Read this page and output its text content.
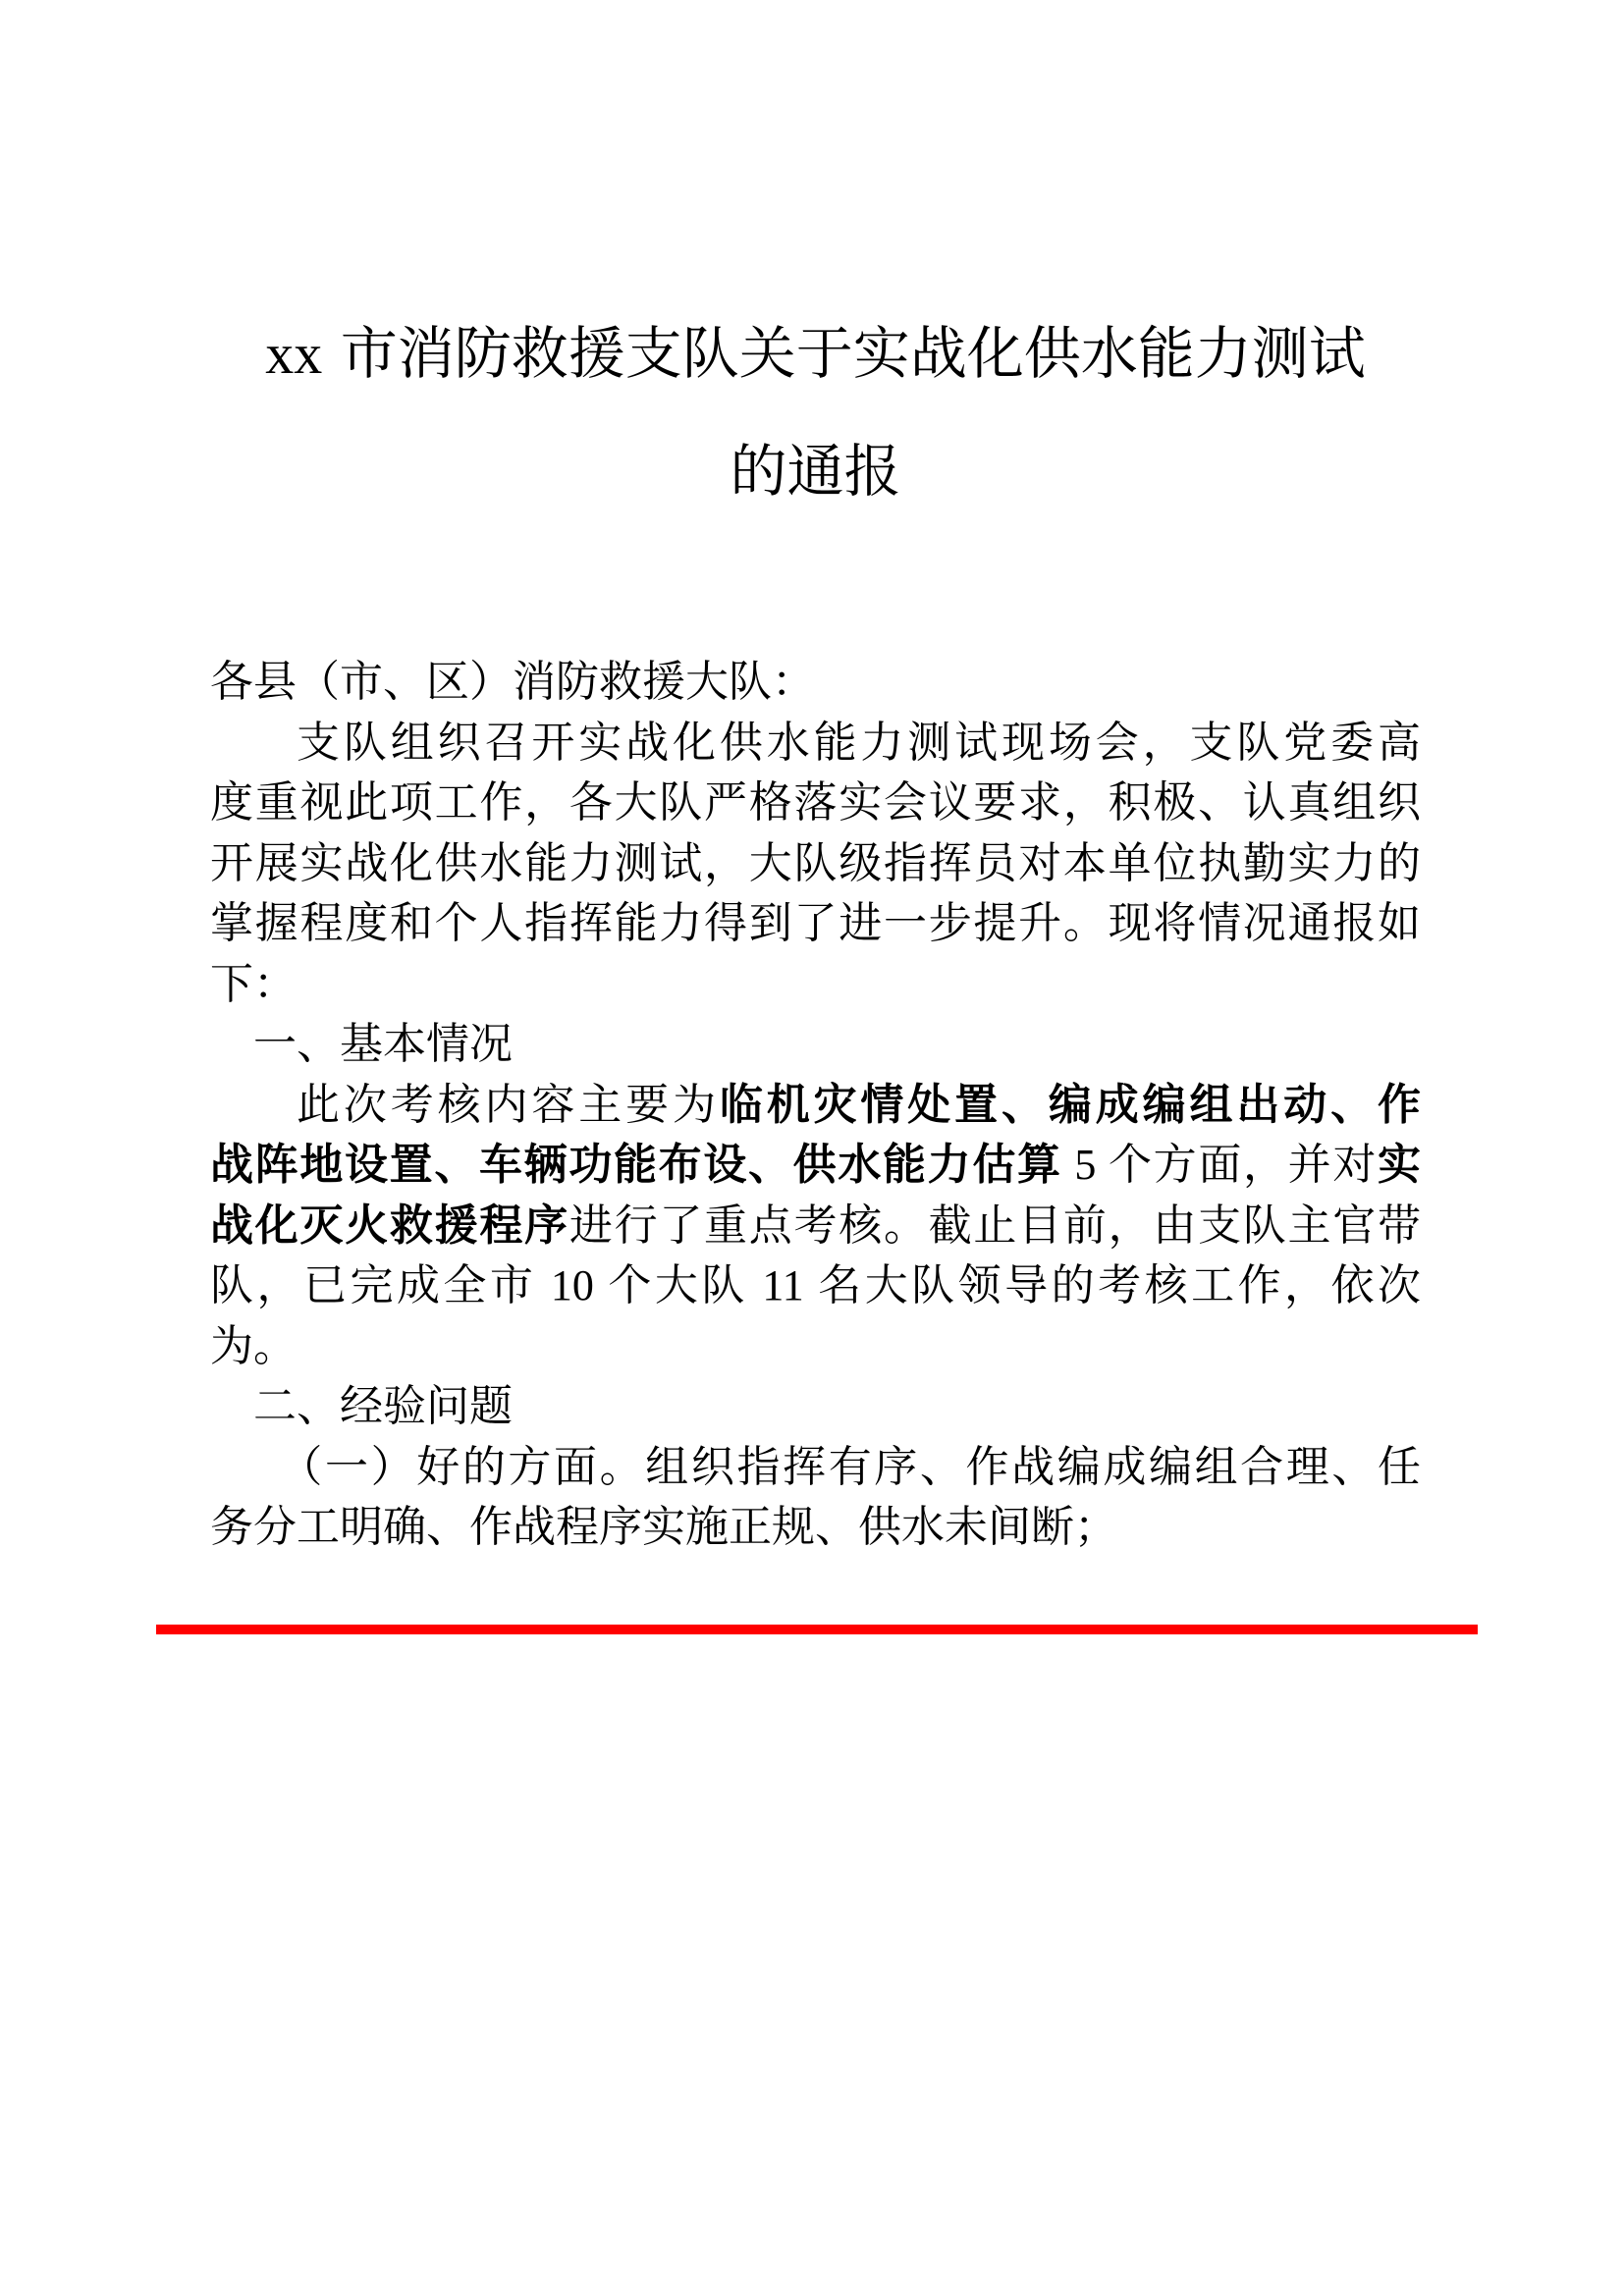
xx 市消防救援支队关于实战化供水能力测试
的通报
各县（市、区）消防救援大队：
支队组织召开实战化供水能力测试现场会，支队党委高
度重视此项工作，各大队严格落实会议要求，积极、认真组织
开展实战化供水能力测试，大队级指挥员对本单位执勤实力的
掌握程度和个人指挥能力得到了进一步提升。现将情况通报如
下：
一、基本情况
此次考核内容主要为临机灾情处置、编成编组出动、作
战阵地设置、车辆功能布设、供水能力估算 5 个方面，并对实
战化灭火救援程序进行了重点考核。截止目前，由支队主官带
队，已完成全市 10 个大队 11 名大队领导的考核工作，依次
为。
二、经验问题
（一）好的方面。组织指挥有序、作战编成编组合理、任
务分工明确、作战程序实施正规、供水未间断；
